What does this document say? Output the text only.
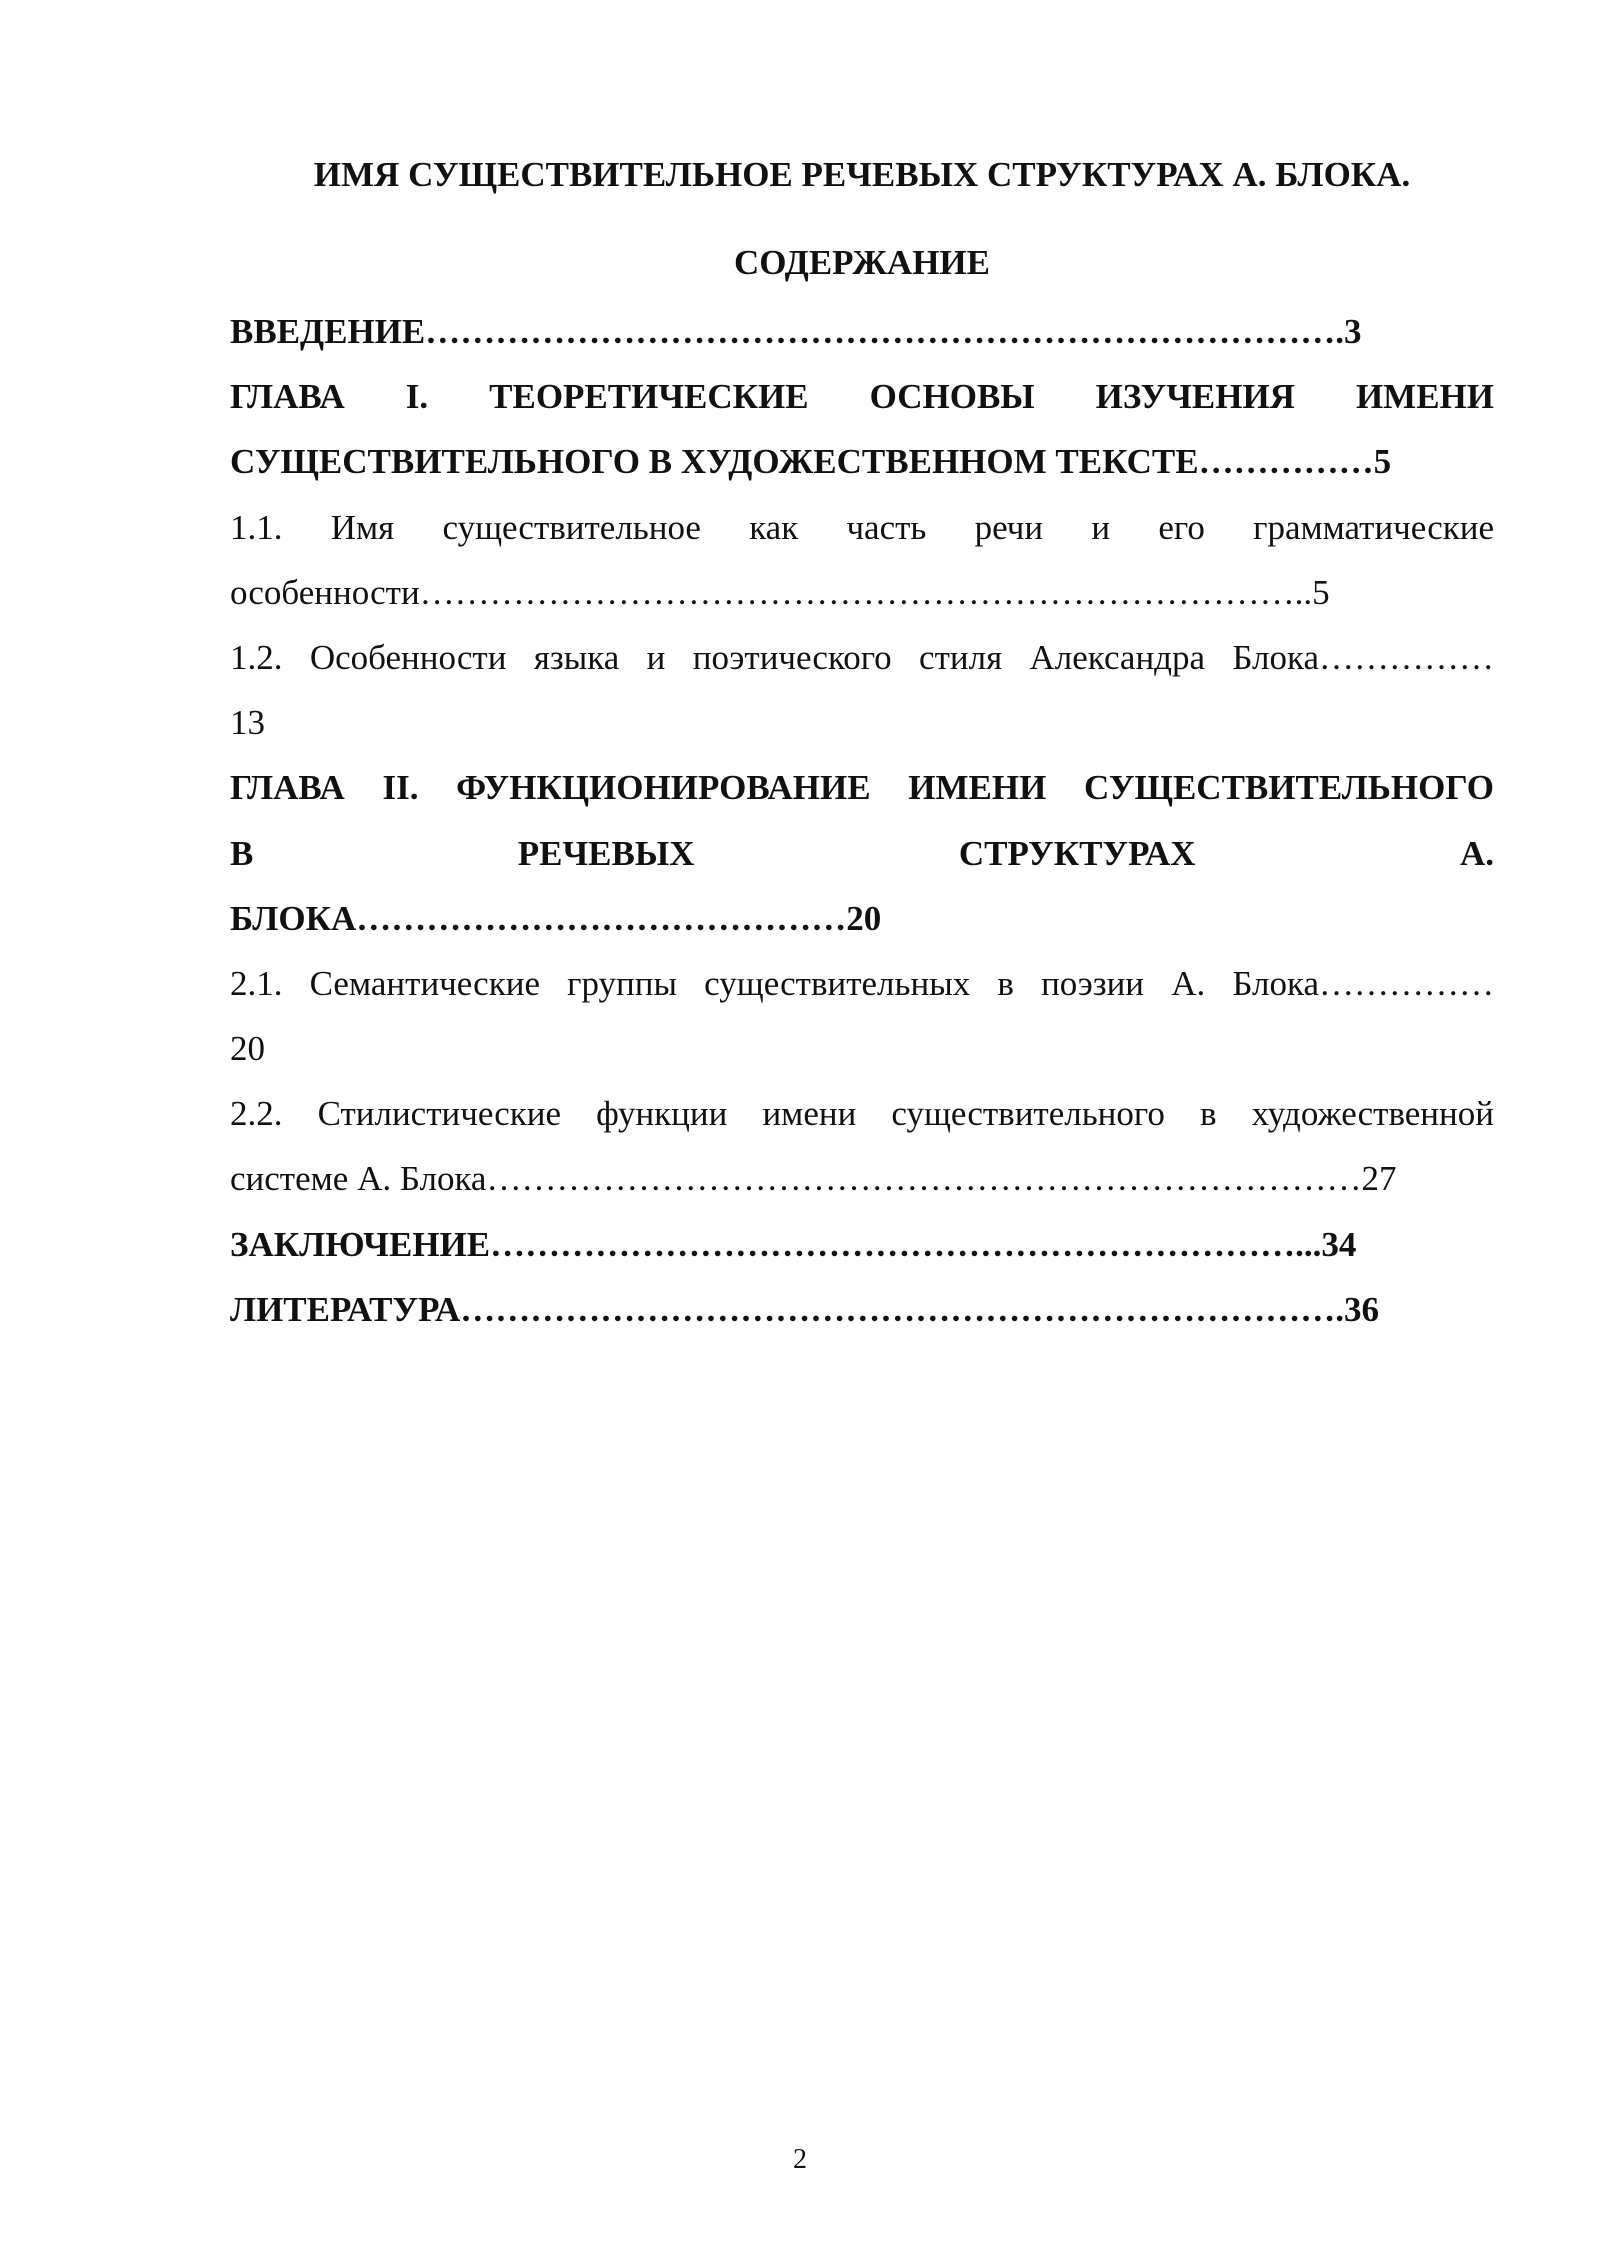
ИМЯ СУЩЕСТВИТЕЛЬНОЕ РЕЧЕВЫХ СТРУКТУРАХ А. БЛОКА.
СОДЕРЖАНИЕ
ВВЕДЕНИЕ…………………………………………………………………….3
ГЛАВА I. ТЕОРЕТИЧЕСКИЕ ОСНОВЫ ИЗУЧЕНИЯ ИМЕНИ
СУЩЕСТВИТЕЛЬНОГО В ХУДОЖЕСТВЕННОМ ТЕКСТЕ……………5
1.1. Имя существительное как часть речи и его грамматические
особенности…………………………………………………………………..5
1.2. Особенности языка и поэтического стиля Александра Блока……………
13
ГЛАВА II. ФУНКЦИОНИРОВАНИЕ ИМЕНИ СУЩЕСТВИТЕЛЬНОГО
В РЕЧЕВЫХ СТРУКТУРАХ А.
БЛОКА……………………………………20
2.1. Семантические группы существительных в поэзии А. Блока……………
20
2.2. Стилистические функции имени существительного в художественной
системе А. Блока…………………………………………………………………27
ЗАКЛЮЧЕНИЕ……………………………………………………………...34
ЛИТЕРАТУРА………………………………………………………………….36
2
